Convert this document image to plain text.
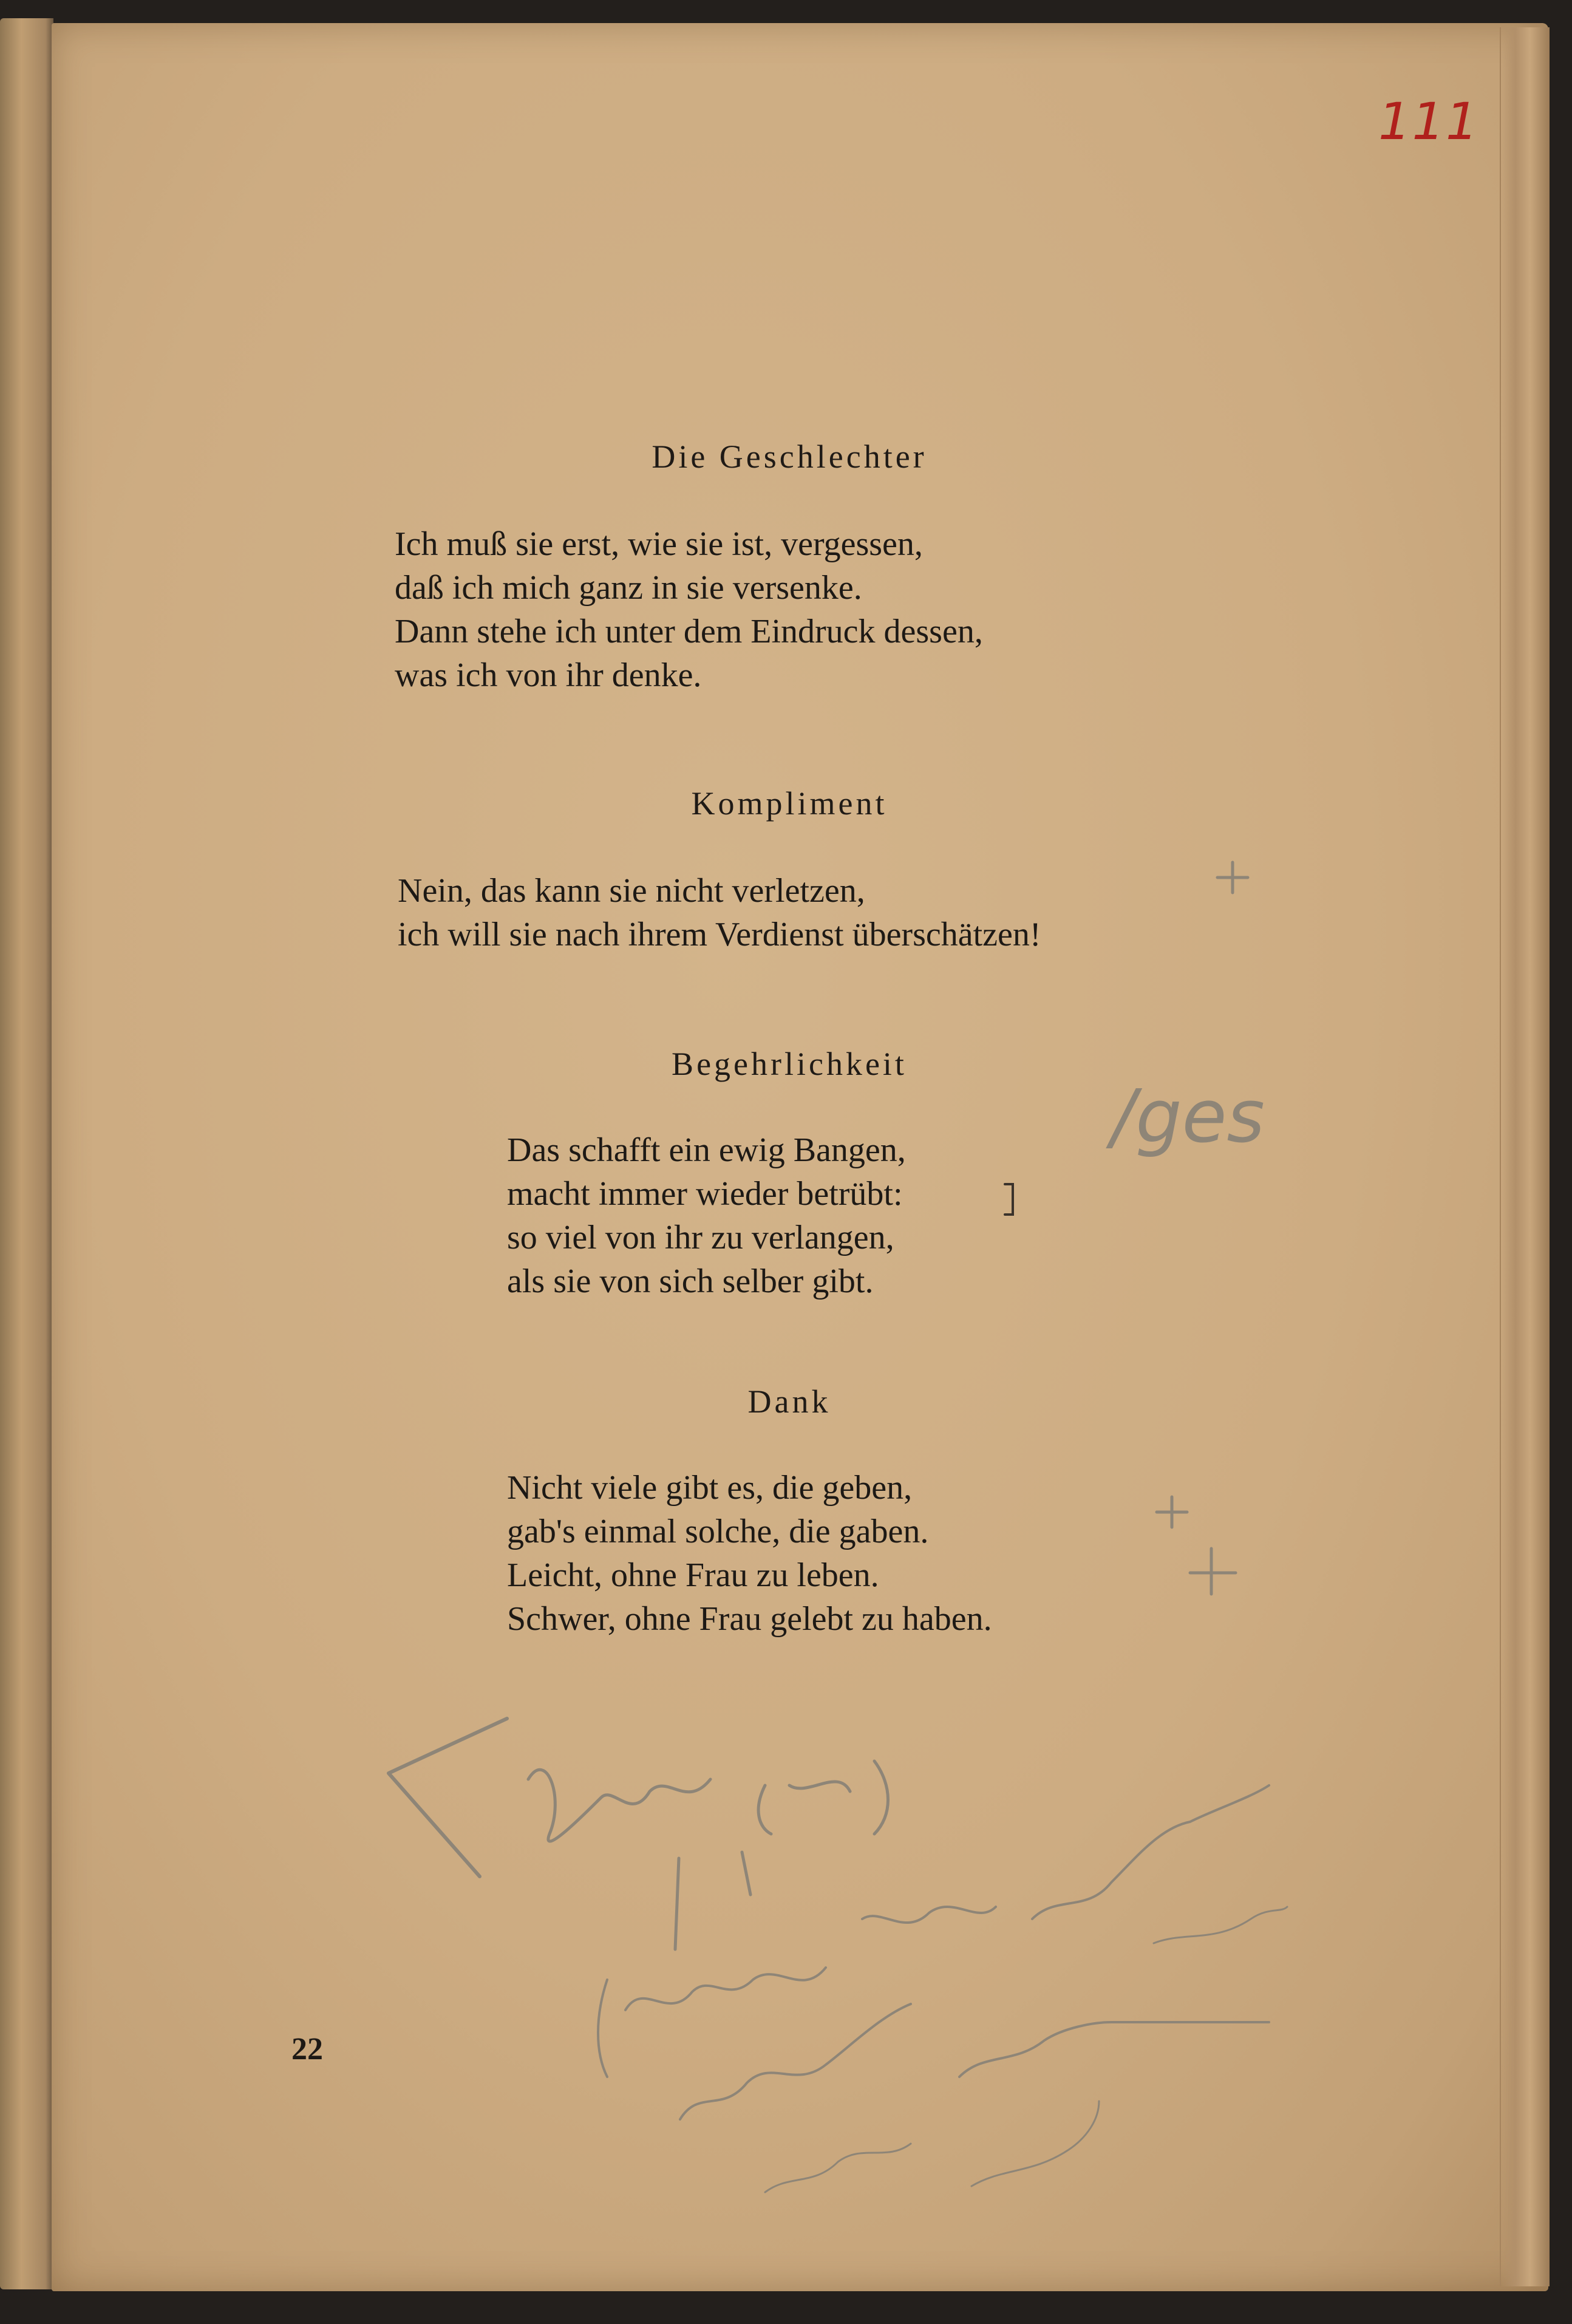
111
Die Geschlechter
Ich muß sie erst, wie sie ist, vergessen,
daß ich mich ganz in sie versenke.
Dann stehe ich unter dem Eindruck dessen,
was ich von ihr denke.
Kompliment
Nein, das kann sie nicht verletzen,
ich will sie nach ihrem Verdienst überschätzen!
Begehrlichkeit
Das schafft ein ewig Bangen,
macht immer wieder betrübt:
so viel von ihr zu verlangen,
als sie von sich selber gibt.
Dank
Nicht viele gibt es, die geben,
gab's einmal solche, die gaben.
Leicht, ohne Frau zu leben.
Schwer, ohne Frau gelebt zu haben.
22
/ges
